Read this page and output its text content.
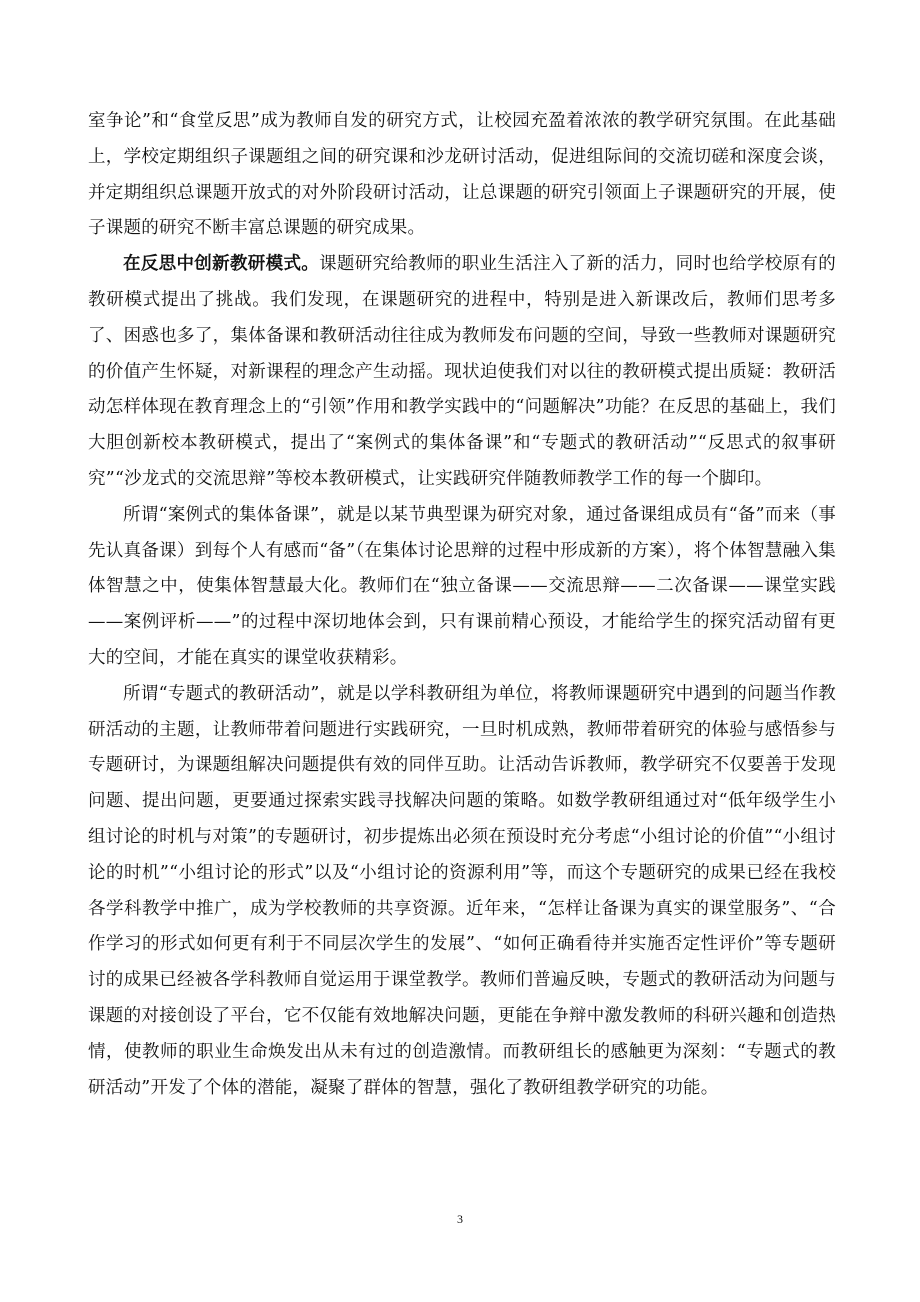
室争论”和“食堂反思”成为教师自发的研究方式，让校园充盈着浓浓的教学研究氛围。在此基础上，学校定期组织子课题组之间的研究课和沙龙研讨活动，促进组际间的交流切磋和深度会谈，并定期组织总课题开放式的对外阶段研讨活动，让总课题的研究引领面上子课题研究的开展，使子课题的研究不断丰富总课题的研究成果。

在反思中创新教研模式。课题研究给教师的职业生活注入了新的活力，同时也给学校原有的教研模式提出了挑战。我们发现，在课题研究的进程中，特别是进入新课改后，教师们思考多了、困惑也多了，集体备课和教研活动往往成为教师发布问题的空间，导致一些教师对课题研究的价值产生怀疑，对新课程的理念产生动摇。现状迫使我们对以往的教研模式提出质疑：教研活动怎样体现在教育理念上的“引领”作用和教学实践中的“问题解决”功能？在反思的基础上，我们大胆创新校本教研模式，提出了“案例式的集体备课”和“专题式的教研活动”“反思式的叙事研究”“沙龙式的交流思辩”等校本教研模式，让实践研究伴随教师教学工作的每一个脚印。

所谓“案例式的集体备课”，就是以某节典型课为研究对象，通过备课组成员有“备”而来（事先认真备课）到每个人有感而“备”（在集体讨论思辩的过程中形成新的方案），将个体智慧融入集体智慧之中，使集体智慧最大化。教师们在“独立备课——交流思辩——二次备课——课堂实践——案例评析——”的过程中深切地体会到，只有课前精心预设，才能给学生的探究活动留有更大的空间，才能在真实的课堂收获精彩。

所谓“专题式的教研活动”，就是以学科教研组为单位，将教师课题研究中遇到的问题当作教研活动的主题，让教师带着问题进行实践研究，一旦时机成熟，教师带着研究的体验与感悟参与专题研讨，为课题组解决问题提供有效的同伴互助。让活动告诉教师，教学研究不仅要善于发现问题、提出问题，更要通过探索实践寻找解决问题的策略。如数学教研组通过对“低年级学生小组讨论的时机与对策”的专题研讨，初步提炼出必须在预设时充分考虑“小组讨论的价值”“小组讨论的时机”“小组讨论的形式”以及“小组讨论的资源利用”等，而这个专题研究的成果已经在我校各学科教学中推广，成为学校教师的共享资源。近年来，“怎样让备课为真实的课堂服务”、“合作学习的形式如何更有利于不同层次学生的发展”、“如何正确看待并实施否定性评价”等专题研讨的成果已经被各学科教师自觉运用于课堂教学。教师们普遍反映，专题式的教研活动为问题与课题的对接创设了平台，它不仅能有效地解决问题，更能在争辩中激发教师的科研兴趣和创造热情，使教师的职业生命焕发出从未有过的创造激情。而教研组长的感触更为深刻：“专题式的教研活动”开发了个体的潜能，凝聚了群体的智慧，强化了教研组教学研究的功能。

3
